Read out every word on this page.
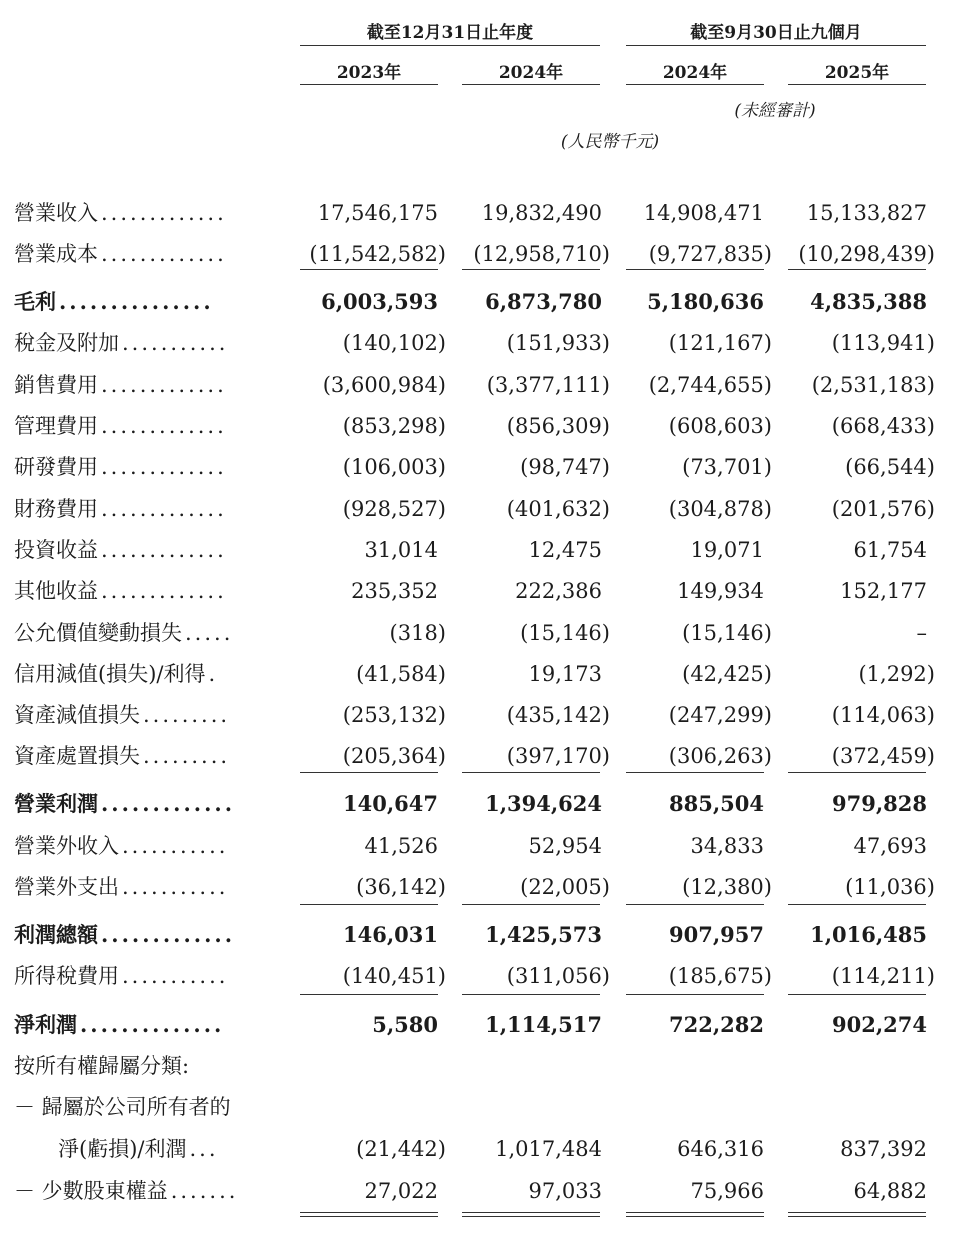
截至12月31日止年度	截至9月30日止九個月
2023年	2024年	2024年	2025年
(未經審計)
(人民幣千元)
營業收入 .............	17,546,175 19,832,490 14,908,471 15,133,827
營業成本 .............	(11,542,582) (12,958,710) (9,727,835) (10,298,439)
毛利 ...............	6,003,593 6,873,780 5,180,636 4,835,388
稅金及附加 ...........	(140,102)	(151,933)	(121,167)	(113,941)
銷售費用 .............	(3,600,984) (3,377,111) (2,744,655) (2,531,183)
管理費用 .............	(853,298)	(856,309)	(608,603)	(668,433)
研發費用 .............	(106,003)	(98,747)	(73,701)	(66,544)
財務費用 .............	(928,527)	(401,632)	(304,878)	(201,576)
投資收益 .............	31,014	12,475	19,071	61,754
其他收益 .............	235,352	222,386	149,934	152,177
公允價值變動損失 .....	(318)	(15,146)	(15,146)	–
信用減值(損失)/利得 .	(41,584)	19,173	(42,425)	(1,292)
資產減值損失 .........	(253,132)	(435,142)	(247,299)	(114,063)
資產處置損失 .........	(205,364)	(397,170)	(306,263)	(372,459)
營業利潤 .............	140,647 1,394,624	885,504	979,828
營業外收入 ...........	41,526	52,954	34,833	47,693
營業外支出 ...........	(36,142)	(22,005)	(12,380)	(11,036)
利潤總額 .............	146,031 1,425,573	907,957 1,016,485
所得稅費用 ...........	(140,451)	(311,056)	(185,675)	(114,211)
淨利潤 ..............	5,580 1,114,517	722,282	902,274
按所有權歸屬分類:
－ 歸屬於公司所有者的
淨(虧損)/利潤 ...	(21,442) 1,017,484	646,316	837,392
－ 少數股東權益 .......	27,022	97,033	75,966	64,882
